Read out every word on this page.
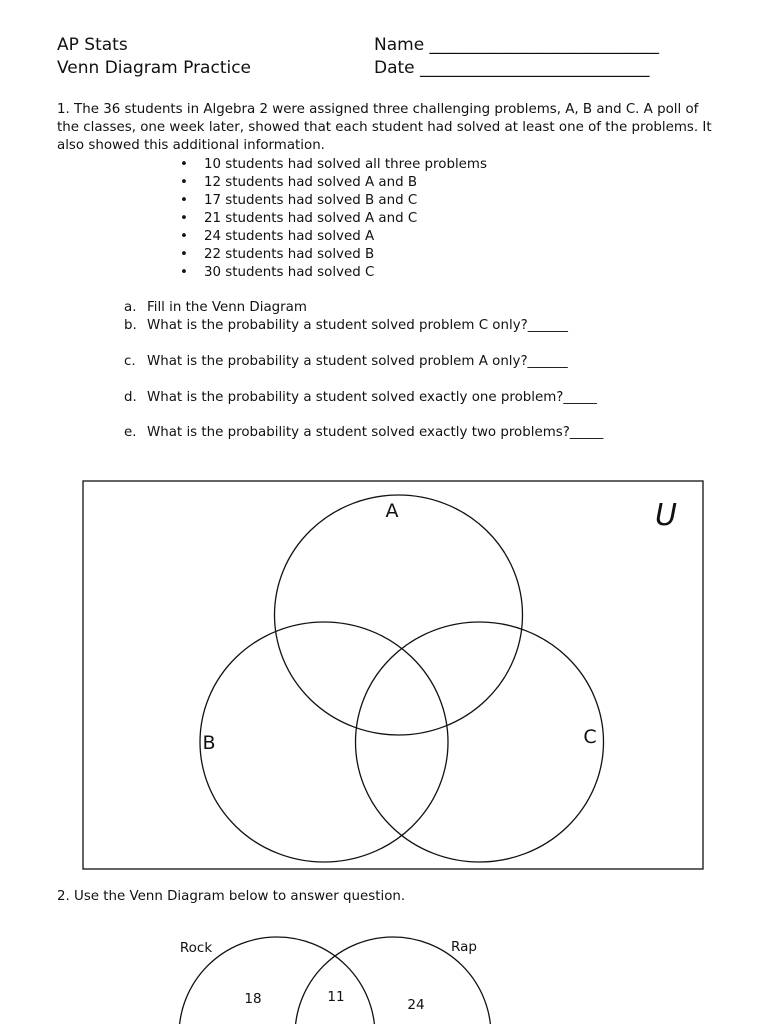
AP Stats
Venn Diagram Practice
Name ___________________________
Date ___________________________
1. The 36 students in Algebra 2 were assigned three challenging problems, A, B and C. A poll of the classes, one week later, showed that each student had solved at least one of the problems. It also showed this additional information.
• 10 students had solved all three problems
• 12 students had solved A and B
• 17 students had solved B and C
• 21 students had solved A and C
• 24 students had solved A
• 22 students had solved B
• 30 students had solved C
a. Fill in the Venn Diagram
b. What is the probability a student solved problem C only?______
c. What is the probability a student solved problem A only?______
d. What is the probability a student solved exactly one problem?_____
e. What is the probability a student solved exactly two problems?_____
A
B	C
U
Rock	Rap
18	11	24
2. Use the Venn Diagram below to answer question.
